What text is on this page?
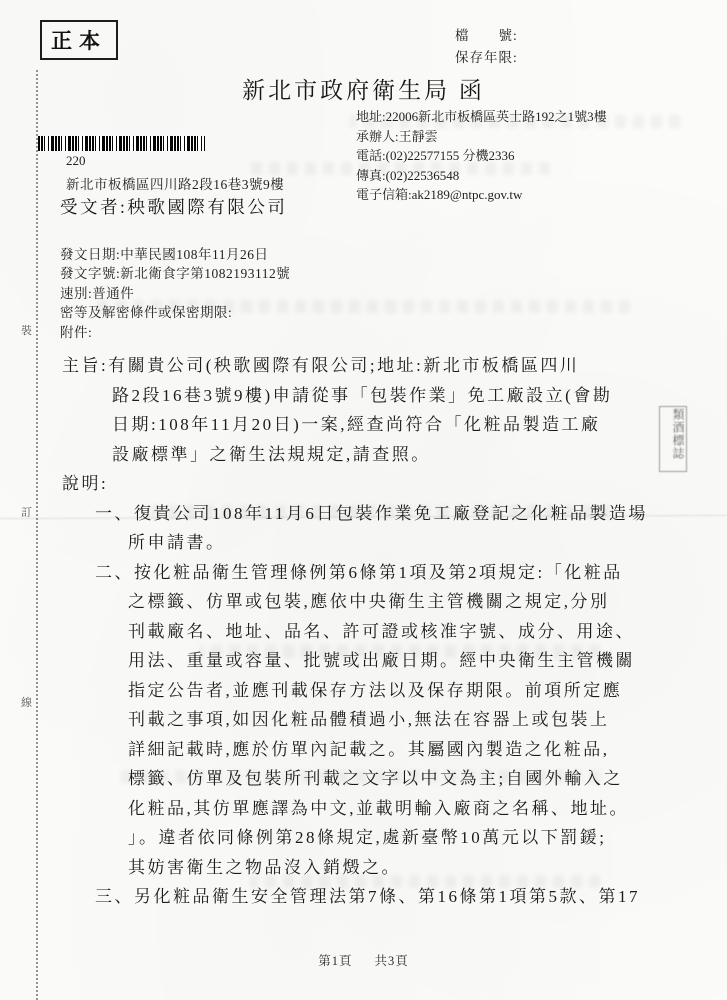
正本	檔　　號:
保存年限:
新北市政府衛生局 函
地址:22006新北市板橋區英士路192之1號3樓
承辦人:王靜雲
電話:(02)22577155 分機2336
傳真:(02)22536548
電子信箱:ak2189@ntpc.gov.tw
220
新北市板橋區四川路2段16巷3號9樓
受文者:秧歌國際有限公司
發文日期:中華民國108年11月26日
發文字號:新北衛食字第1082193112號
速別:普通件
密等及解密條件或保密期限:
附件:
主旨:有關貴公司(秧歌國際有限公司;地址:新北市板橋區四川
路2段16巷3號9樓)申請從事「包裝作業」免工廠設立(會勘
日期:108年11月20日)一案,經查尚符合「化粧品製造工廠
設廠標準」之衛生法規規定,請查照。
說明:
一、復貴公司108年11月6日包裝作業免工廠登記之化粧品製造場
所申請書。
二、按化粧品衛生管理條例第6條第1項及第2項規定:「化粧品
之標籤、仿單或包裝,應依中央衛生主管機關之規定,分別
刊載廠名、地址、品名、許可證或核准字號、成分、用途、
用法、重量或容量、批號或出廠日期。經中央衛生主管機關
指定公告者,並應刊載保存方法以及保存期限。前項所定應
刊載之事項,如因化粧品體積過小,無法在容器上或包裝上
詳細記載時,應於仿單內記載之。其屬國內製造之化粧品,
標籤、仿單及包裝所刊載之文字以中文為主;自國外輸入之
化粧品,其仿單應譯為中文,並載明輸入廠商之名稱、地址。
」。違者依同條例第28條規定,處新臺幣10萬元以下罰鍰;
其妨害衛生之物品沒入銷燬之。
三、另化粧品衛生安全管理法第7條、第16條第1項第5款、第17
裝
訂
線
類酒標誌
第1頁 共3頁
